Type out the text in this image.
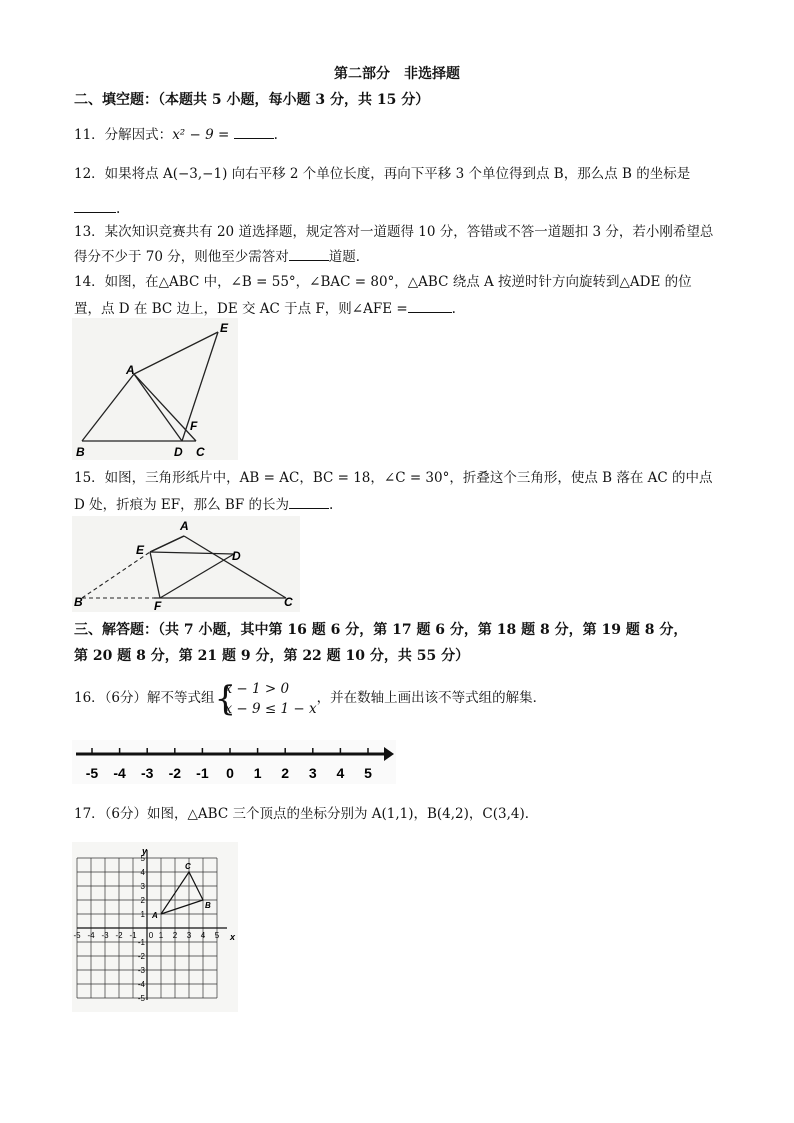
第二部分　非选择题
二、填空题：（本题共 5 小题，每小题 3 分，共 15 分）
11．分解因式：x² − 9 =	.
12．如果将点 A(−3,−1) 向右平移 2 个单位长度，再向下平移 3 个单位得到点 B，那么点 B 的坐标是
.
13．某次知识竞赛共有 20 道选择题，规定答对一道题得 10 分，答错或不答一道题扣 3 分，若小刚希望总
得分不少于 70 分，则他至少需答对	道题．
14．如图，在△ABC 中，∠B = 55°，∠BAC = 80°，△ABC 绕点 A 按逆时针方向旋转到△ADE 的位
置，点 D 在 BC 边上，DE 交 AC 于点 F，则∠AFE =	.
A
B	C
D
E
F
15．如图，三角形纸片中，AB = AC，BC = 18，∠C = 30°，折叠这个三角形，使点 B 落在 AC 的中点
D 处，折痕为 EF，那么 BF 的长为	.
A
B	C
D
E
F
三、解答题：（共 7 小题，其中第 16 题 6 分，第 17 题 6 分，第 18 题 8 分，第 19 题 8 分，
第 20 题 8 分，第 21 题 9 分，第 22 题 10 分，共 55 分）
16．（6分）解不等式组 {
x − 1 > 0
x − 9 ≤ 1 − x
，并在数轴上画出该不等式组的解集．
-5 -4 -3 -2 -1 0 1 2 3 4 5
17．（6分）如图，△ABC 三个顶点的坐标分别为 A(1,1)，B(4,2)，C(3,4)．
-5 -4 -3 -2 -1 0 1 2 3 4 5
5
4
3
2
1
-1
-2
-3
-4
-5
A
B
C
x
y
